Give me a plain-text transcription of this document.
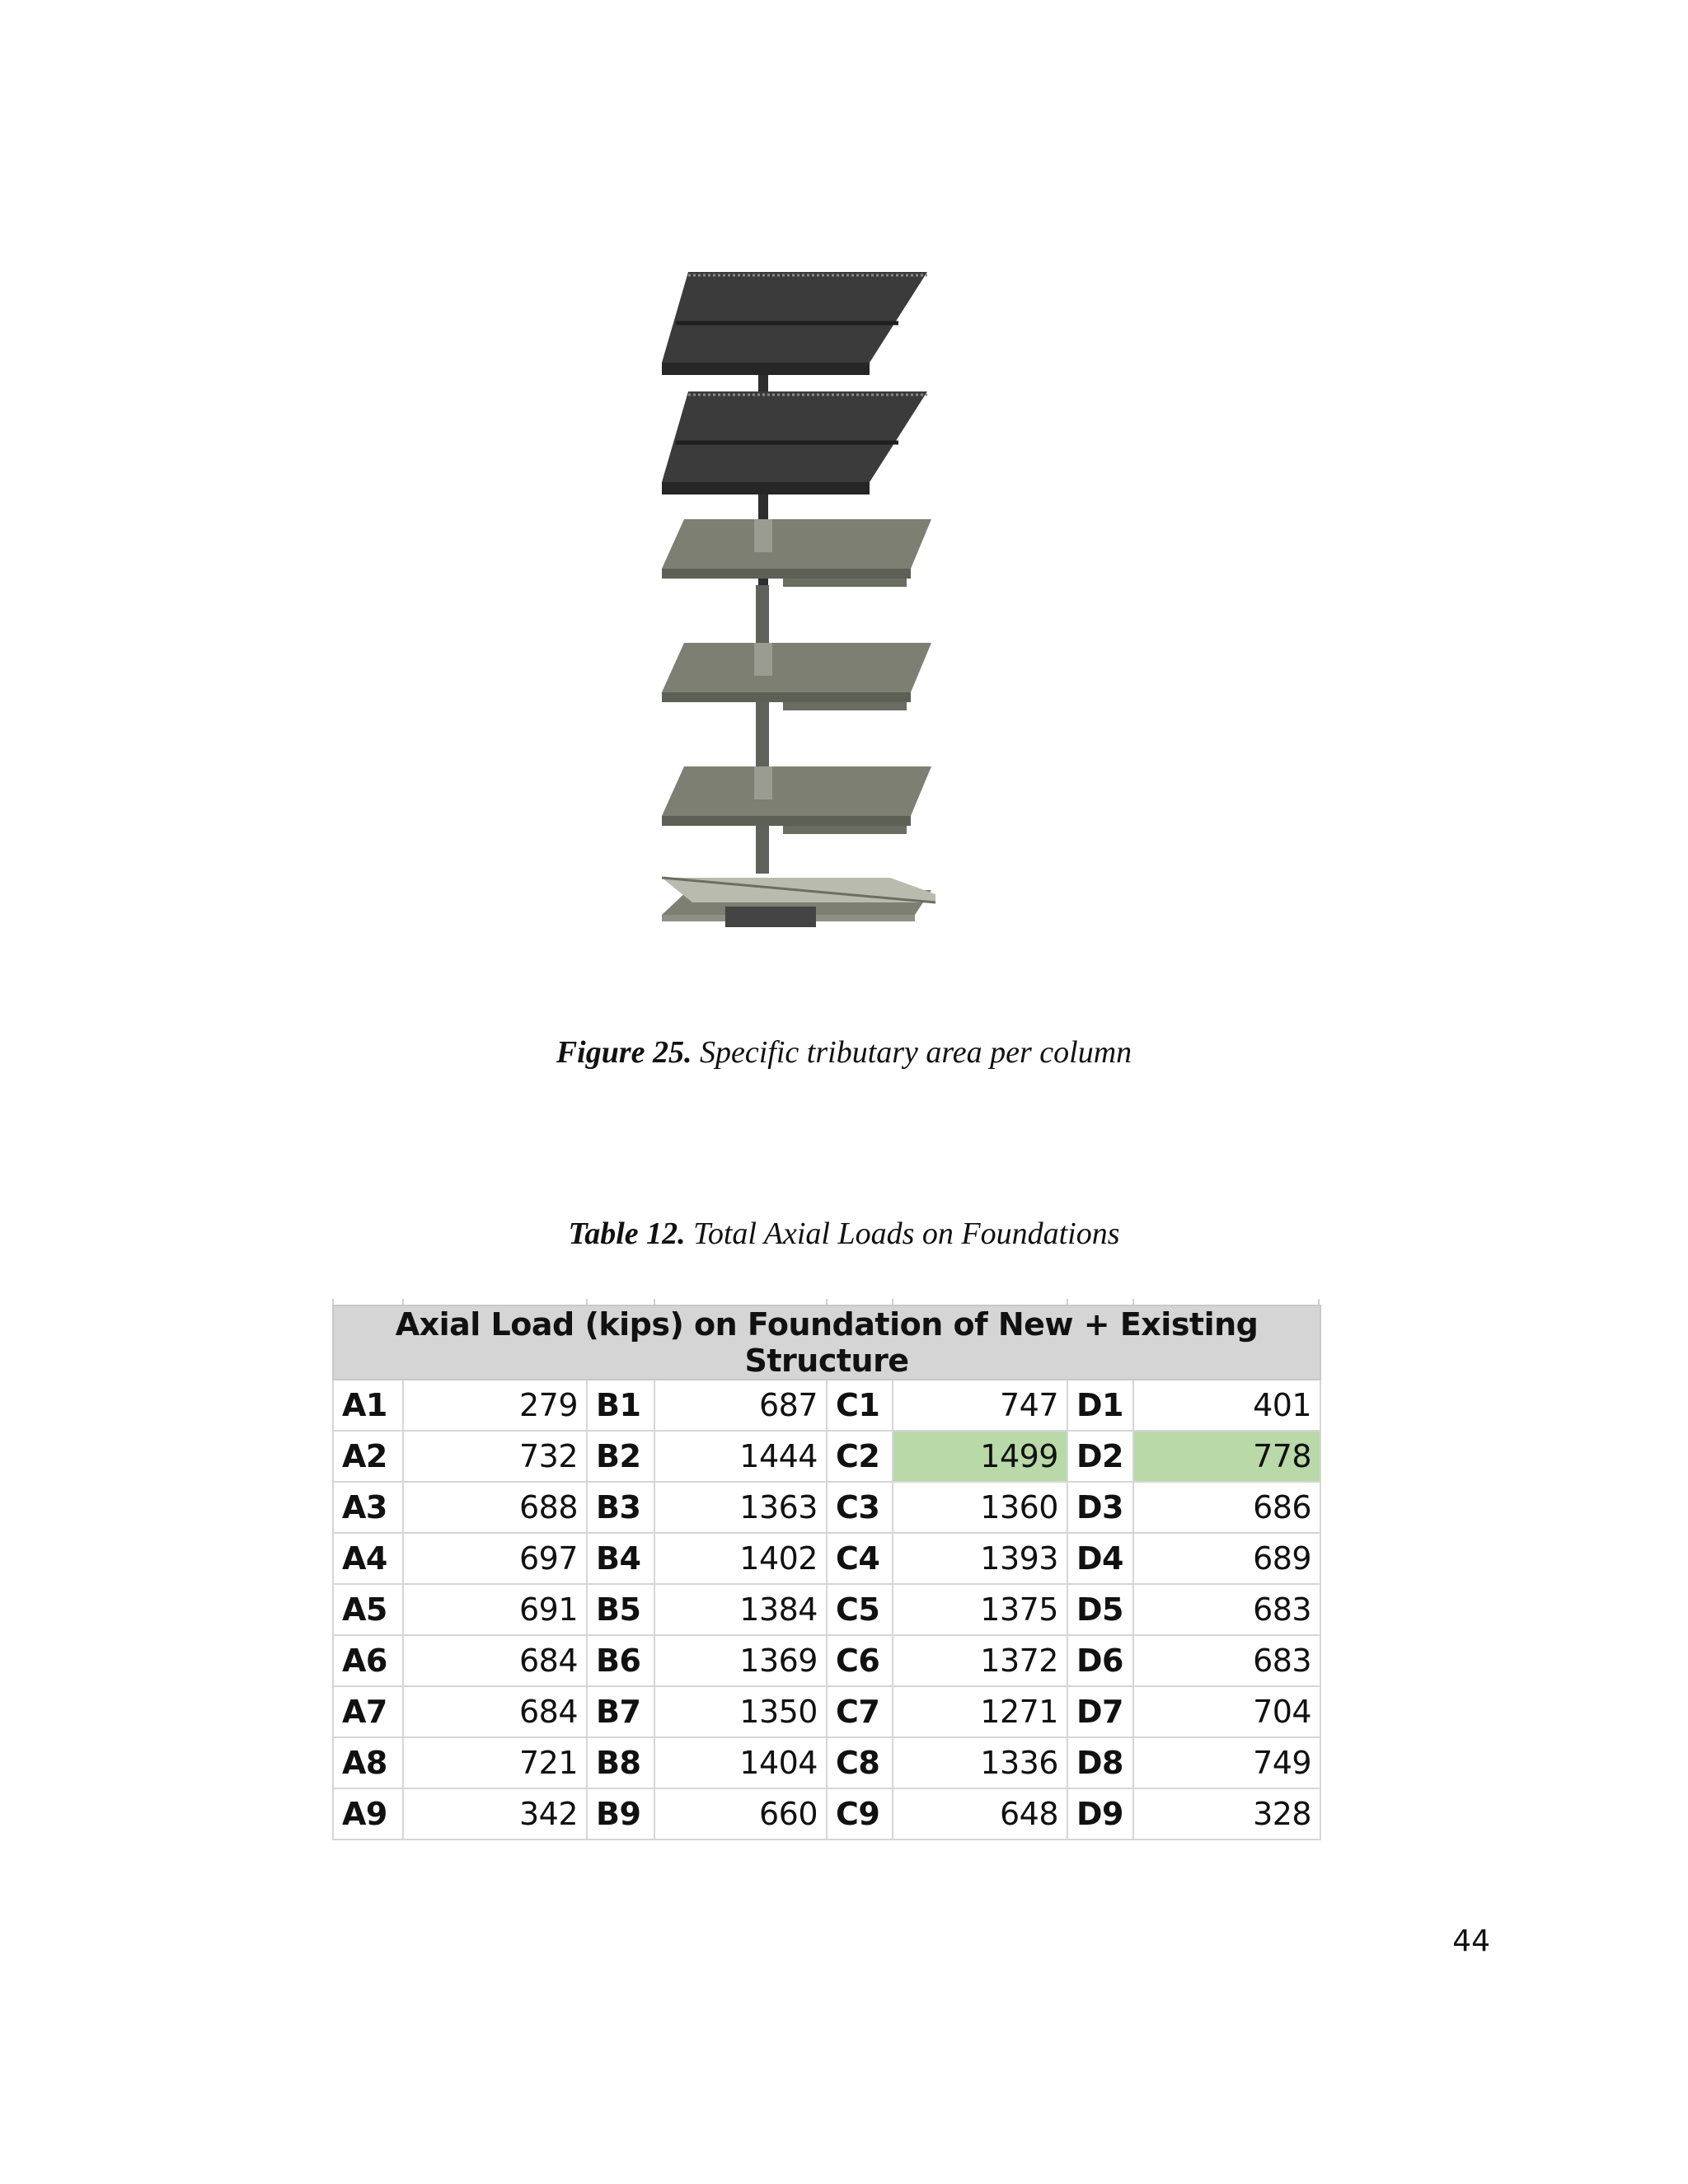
Figure 25. Specific tributary area per column
Table 12. Total Axial Loads on Foundations
Axial Load (kips) on Foundation of New + Existing Structure							
A1	279	B1	687	C1	747	D1	401
A2	732	B2	1444	C2	1499	D2	778
A3	688	B3	1363	C3	1360	D3	686
A4	697	B4	1402	C4	1393	D4	689
A5	691	B5	1384	C5	1375	D5	683
A6	684	B6	1369	C6	1372	D6	683
A7	684	B7	1350	C7	1271	D7	704
A8	721	B8	1404	C8	1336	D8	749
A9	342	B9	660	C9	648	D9	328
44
